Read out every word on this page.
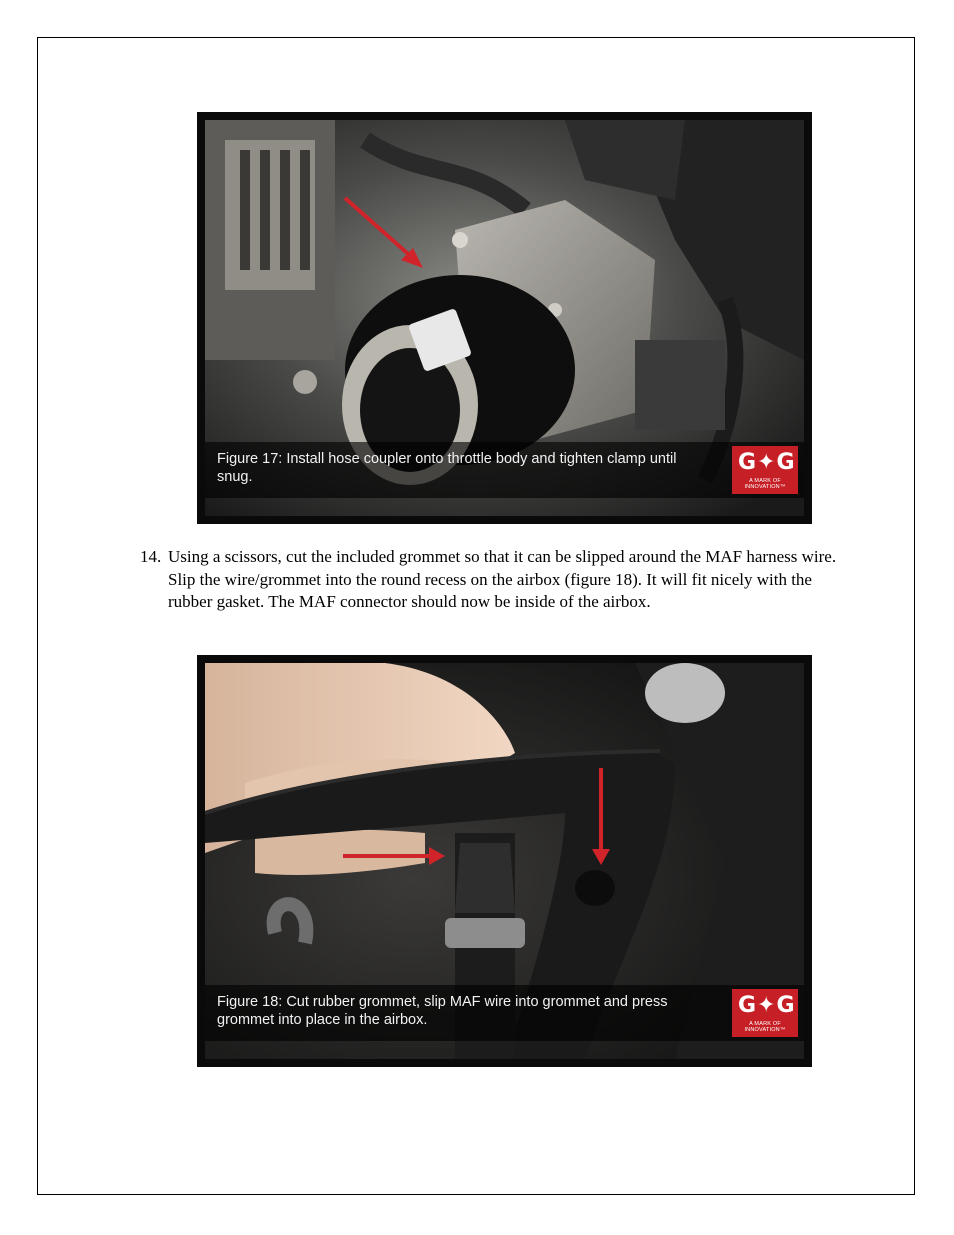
Figure 17: Install hose coupler onto throttle body and tighten clamp until snug.
G✦G
A MARK OF INNOVATION™
14. Using a scissors, cut the included grommet so that it can be slipped around the MAF harness wire. Slip the wire/grommet into the round recess on the airbox (figure 18). It will fit nicely with the rubber gasket. The MAF connector should now be inside of the airbox.
Figure 18: Cut rubber grommet, slip MAF wire into grommet and press grommet into place in the airbox.
G✦G
A MARK OF INNOVATION™
